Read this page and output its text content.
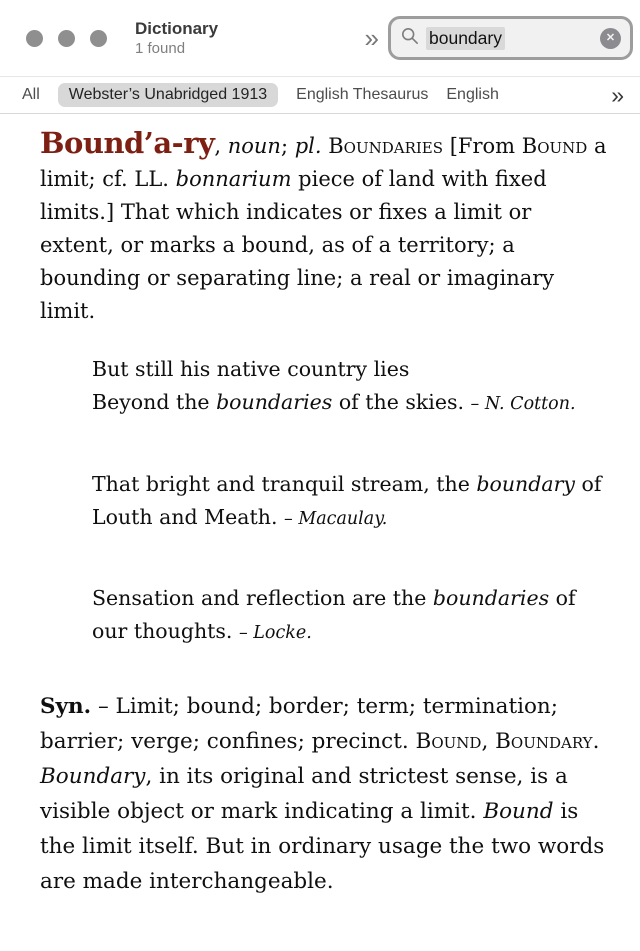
Dictionary
1 found	»	boundary	✕
All	Webster’s Unabridged 1913	English Thesaurus English	»

Bound’a-ry, noun; pl. Boundaries [From Bound a limit; cf. LL. bonnarium piece of land with fixed limits.] That which indicates or fixes a limit or extent, or marks a bound, as of a territory; a bounding or separating line; a real or imaginary limit.

But still his native country lies
Beyond the boundaries of the skies. – N. Cotton.

That bright and tranquil stream, the boundary of Louth and Meath. – Macaulay.

Sensation and reflection are the boundaries of our thoughts. – Locke.

Syn. – Limit; bound; border; term; termination; barrier; verge; confines; precinct. Bound, Boundary. Boundary, in its original and strictest sense, is a visible object or mark indicating a limit. Bound is the limit itself. But in ordinary usage the two words are made interchangeable.
